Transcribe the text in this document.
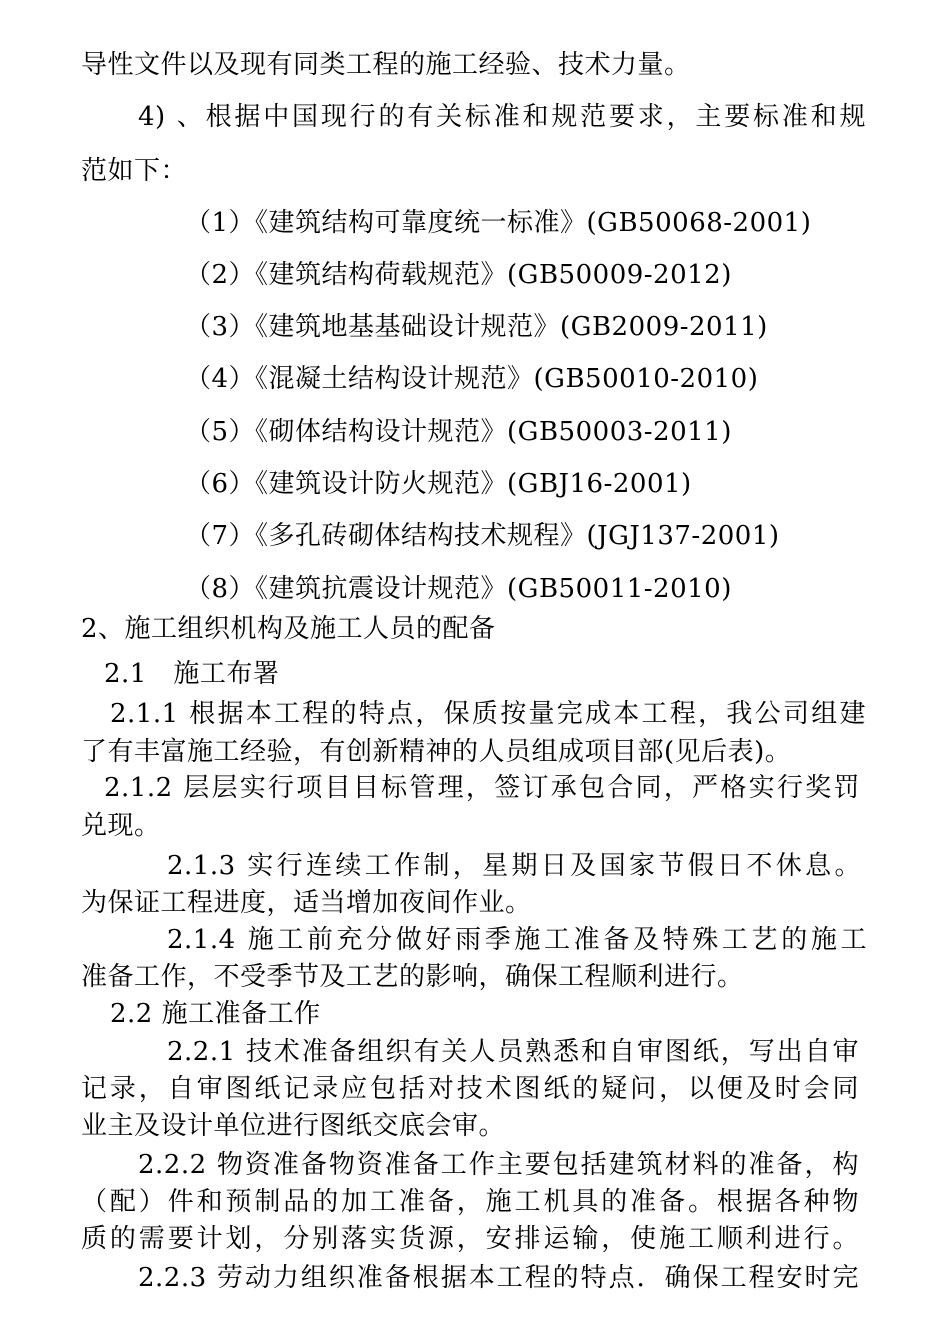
导性文件以及现有同类工程的施工经验、技术力量。
4) 、根据中国现行的有关标准和规范要求，主要标准和规
范如下：
（1）《建筑结构可靠度统一标准》(GB50068-2001)
（2）《建筑结构荷载规范》(GB50009-2012)
（3）《建筑地基基础设计规范》(GB2009-2011)
（4）《混凝土结构设计规范》(GB50010-2010)
（5）《砌体结构设计规范》(GB50003-2011)
（6）《建筑设计防火规范》(GBJ16-2001)
（7）《多孔砖砌体结构技术规程》(JGJ137-2001)
（8）《建筑抗震设计规范》(GB50011-2010)
2、施工组织机构及施工人员的配备
2.1　施工布署
2.1.1 根据本工程的特点，保质按量完成本工程，我公司组建
了有丰富施工经验，有创新精神的人员组成项目部(见后表)。
2.1.2 层层实行项目目标管理，签订承包合同，严格实行奖罚
兑现。
2.1.3 实行连续工作制，星期日及国家节假日不休息。
为保证工程进度，适当增加夜间作业。
2.1.4 施工前充分做好雨季施工准备及特殊工艺的施工
准备工作，不受季节及工艺的影响，确保工程顺利进行。
2.2 施工准备工作
2.2.1 技术准备组织有关人员熟悉和自审图纸，写出自审
记录，自审图纸记录应包括对技术图纸的疑问，以便及时会同
业主及设计单位进行图纸交底会审。
2.2.2 物资准备物资准备工作主要包括建筑材料的准备，构
（配）件和预制品的加工准备，施工机具的准备。根据各种物
质的需要计划，分别落实货源，安排运输，使施工顺利进行。
2.2.3 劳动力组织准备根据本工程的特点．确保工程安时完
